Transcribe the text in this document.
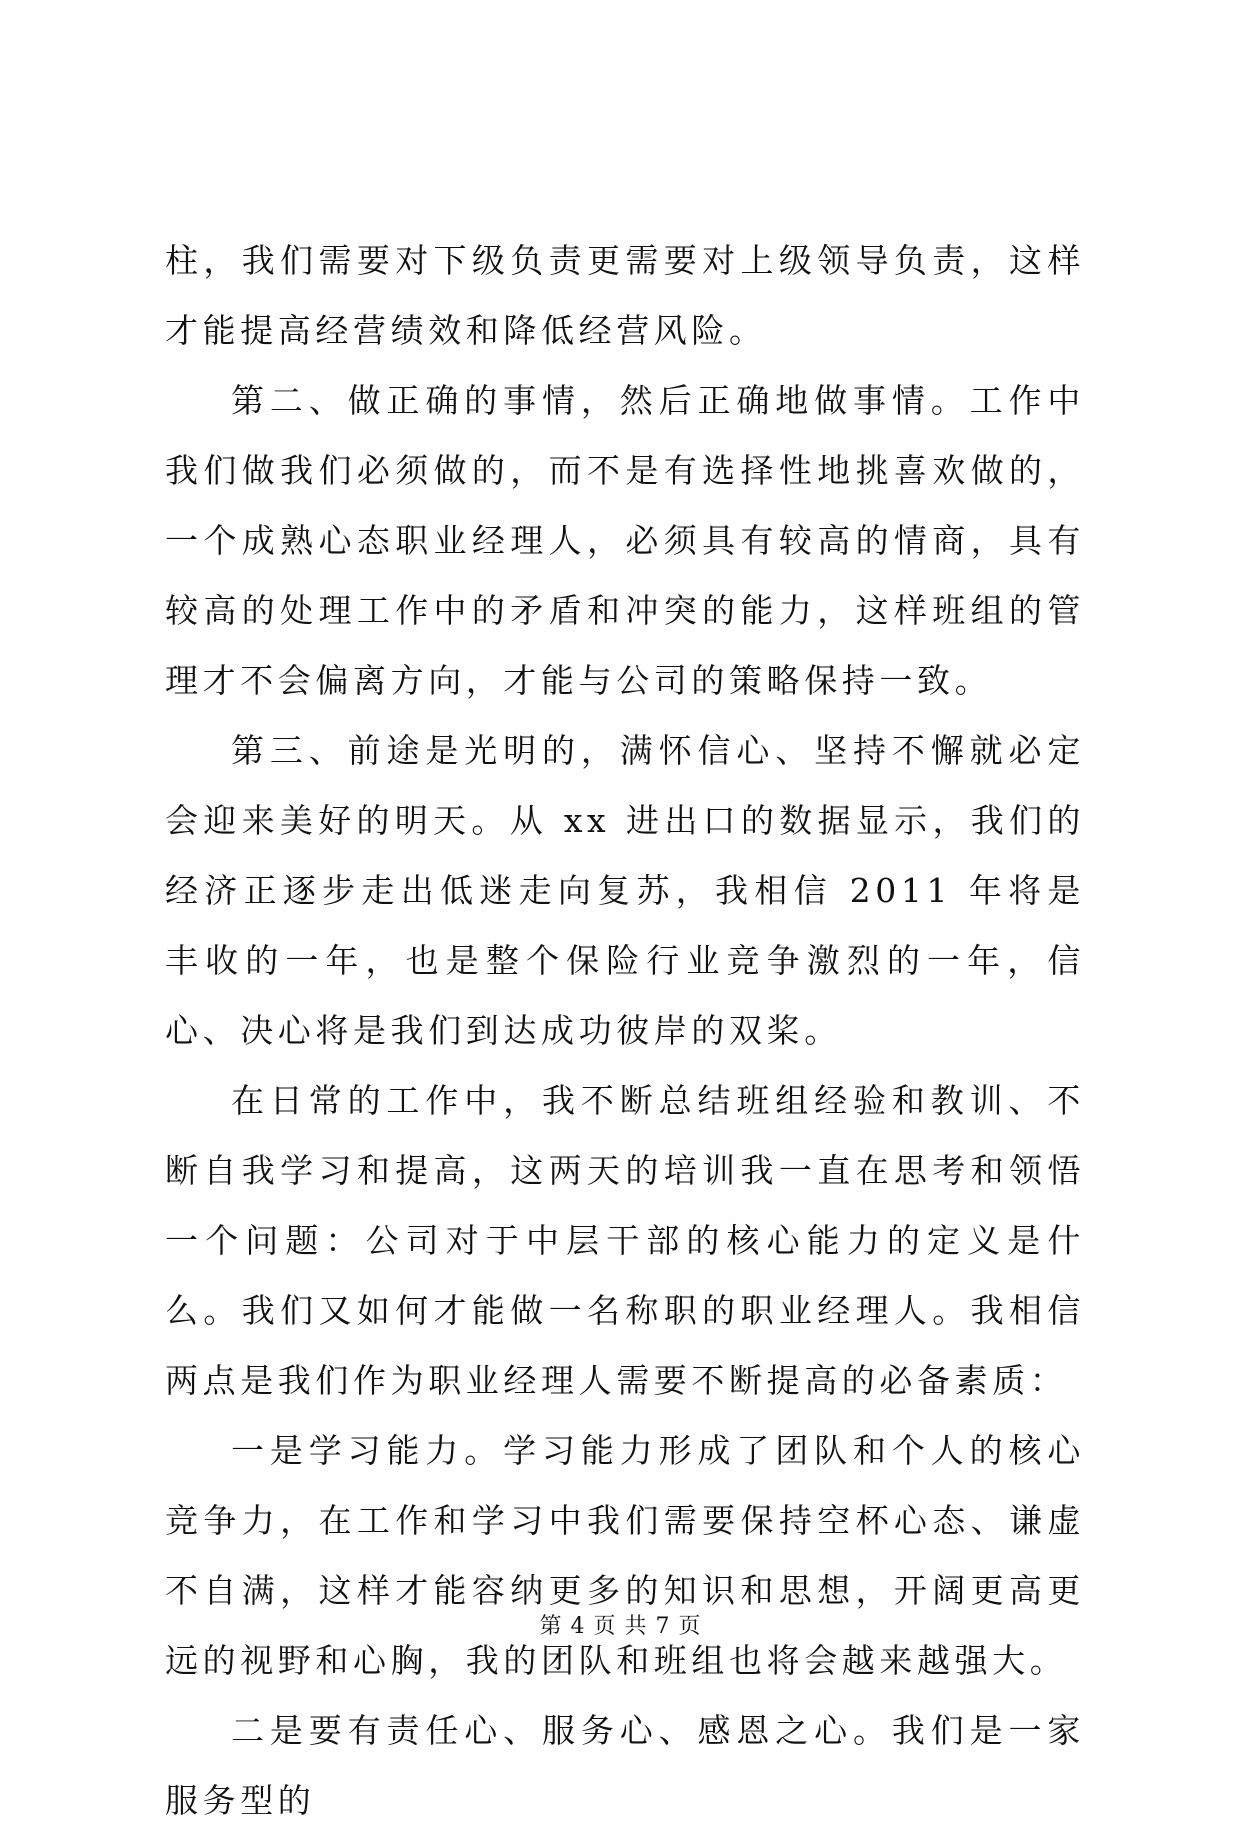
柱，我们需要对下级负责更需要对上级领导负责，这样才能提高经营绩效和降低经营风险。

第二、做正确的事情，然后正确地做事情。工作中我们做我们必须做的，而不是有选择性地挑喜欢做的，一个成熟心态职业经理人，必须具有较高的情商，具有较高的处理工作中的矛盾和冲突的能力，这样班组的管理才不会偏离方向，才能与公司的策略保持一致。

第三、前途是光明的，满怀信心、坚持不懈就必定会迎来美好的明天。从 xx 进出口的数据显示，我们的经济正逐步走出低迷走向复苏，我相信 2011 年将是丰收的一年，也是整个保险行业竞争激烈的一年，信心、决心将是我们到达成功彼岸的双桨。

在日常的工作中，我不断总结班组经验和教训、不断自我学习和提高，这两天的培训我一直在思考和领悟一个问题：公司对于中层干部的核心能力的定义是什么。我们又如何才能做一名称职的职业经理人。我相信两点是我们作为职业经理人需要不断提高的必备素质：

一是学习能力。学习能力形成了团队和个人的核心竞争力，在工作和学习中我们需要保持空杯心态、谦虚不自满，这样才能容纳更多的知识和思想，开阔更高更远的视野和心胸，我的团队和班组也将会越来越强大。

二是要有责任心、服务心、感恩之心。我们是一家服务型的

第 4 页 共 7 页
